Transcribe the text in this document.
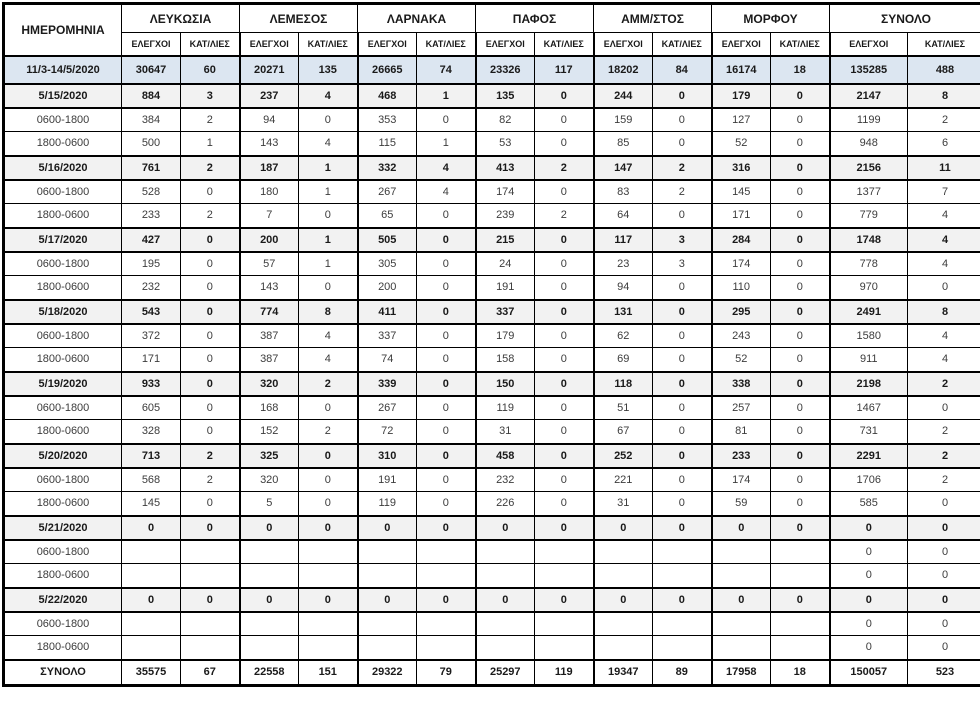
ΗΜΕΡΟΜΗΝΙΑ	ΛΕΥΚΩΣΙΑ		ΛΕΜΕΣΟΣ		ΛΑΡΝΑΚΑ		ΠΑΦΟΣ		ΑΜΜ/ΣΤΟΣ		ΜΟΡΦΟΥ		ΣΥΝΟΛΟ	
	ΕΛΕΓΧΟΙ	ΚΑΤ/ΛΙΕΣ	ΕΛΕΓΧΟΙ	ΚΑΤ/ΛΙΕΣ	ΕΛΕΓΧΟΙ	ΚΑΤ/ΛΙΕΣ	ΕΛΕΓΧΟΙ	ΚΑΤ/ΛΙΕΣ	ΕΛΕΓΧΟΙ	ΚΑΤ/ΛΙΕΣ	ΕΛΕΓΧΟΙ	ΚΑΤ/ΛΙΕΣ	ΕΛΕΓΧΟΙ	ΚΑΤ/ΛΙΕΣ
11/3-14/5/2020	30647	60	20271	135	26665	74	23326	117	18202	84	16174	18	135285	488
5/15/2020	884	3	237	4	468	1	135	0	244	0	179	0	2147	8
0600-1800	384	2	94	0	353	0	82	0	159	0	127	0	1199	2
1800-0600	500	1	143	4	115	1	53	0	85	0	52	0	948	6
5/16/2020	761	2	187	1	332	4	413	2	147	2	316	0	2156	11
0600-1800	528	0	180	1	267	4	174	0	83	2	145	0	1377	7
1800-0600	233	2	7	0	65	0	239	2	64	0	171	0	779	4
5/17/2020	427	0	200	1	505	0	215	0	117	3	284	0	1748	4
0600-1800	195	0	57	1	305	0	24	0	23	3	174	0	778	4
1800-0600	232	0	143	0	200	0	191	0	94	0	110	0	970	0
5/18/2020	543	0	774	8	411	0	337	0	131	0	295	0	2491	8
0600-1800	372	0	387	4	337	0	179	0	62	0	243	0	1580	4
1800-0600	171	0	387	4	74	0	158	0	69	0	52	0	911	4
5/19/2020	933	0	320	2	339	0	150	0	118	0	338	0	2198	2
0600-1800	605	0	168	0	267	0	119	0	51	0	257	0	1467	0
1800-0600	328	0	152	2	72	0	31	0	67	0	81	0	731	2
5/20/2020	713	2	325	0	310	0	458	0	252	0	233	0	2291	2
0600-1800	568	2	320	0	191	0	232	0	221	0	174	0	1706	2
1800-0600	145	0	5	0	119	0	226	0	31	0	59	0	585	0
5/21/2020	0	0	0	0	0	0	0	0	0	0	0	0	0	0
0600-1800													0	0
1800-0600													0	0
5/22/2020	0	0	0	0	0	0	0	0	0	0	0	0	0	0
0600-1800													0	0
1800-0600													0	0
ΣΥΝΟΛΟ	35575	67	22558	151	29322	79	25297	119	19347	89	17958	18	150057	523
